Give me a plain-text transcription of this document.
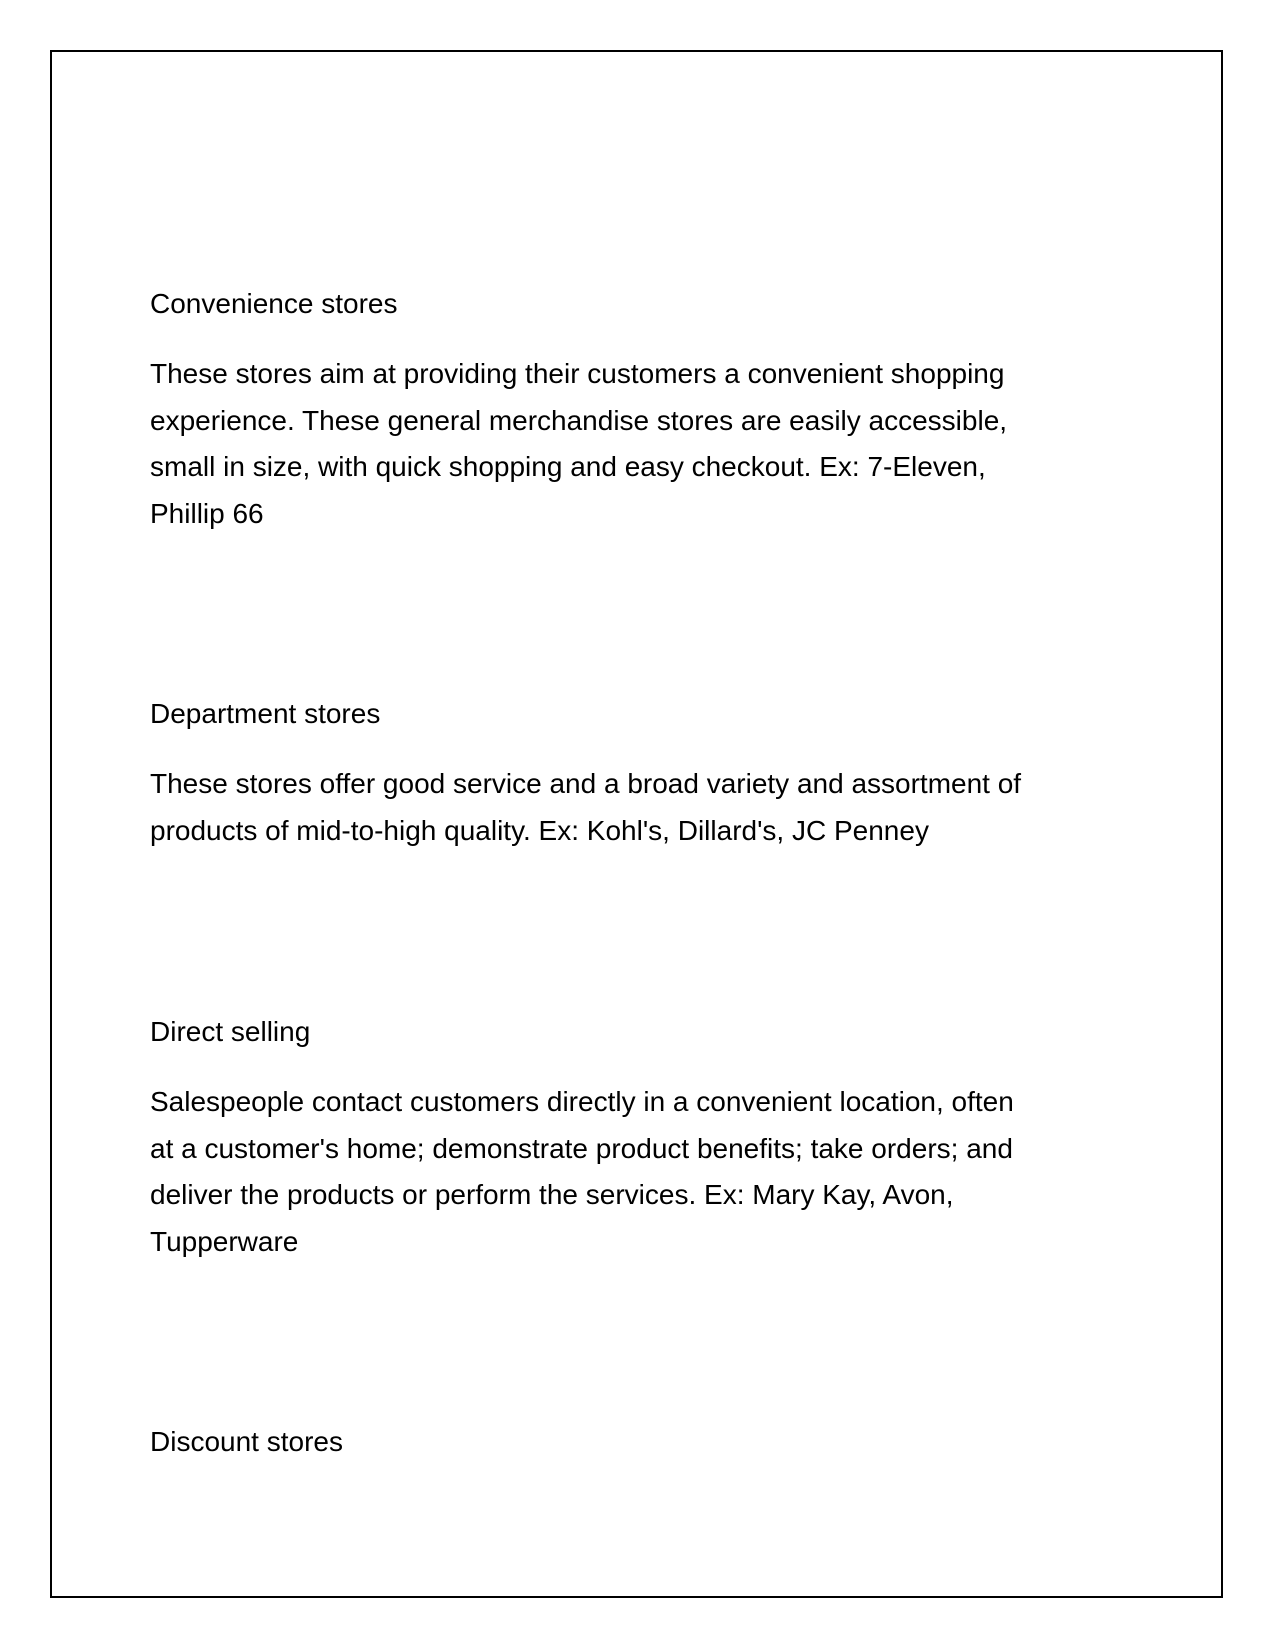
Convenience stores

These stores aim at providing their customers a convenient shopping
experience. These general merchandise stores are easily accessible,
small in size, with quick shopping and easy checkout. Ex: 7-Eleven,
Phillip 66

Department stores

These stores offer good service and a broad variety and assortment of
products of mid-to-high quality. Ex: Kohl's, Dillard's, JC Penney

Direct selling

Salespeople contact customers directly in a convenient location, often
at a customer's home; demonstrate product benefits; take orders; and
deliver the products or perform the services. Ex: Mary Kay, Avon,
Tupperware

Discount stores
